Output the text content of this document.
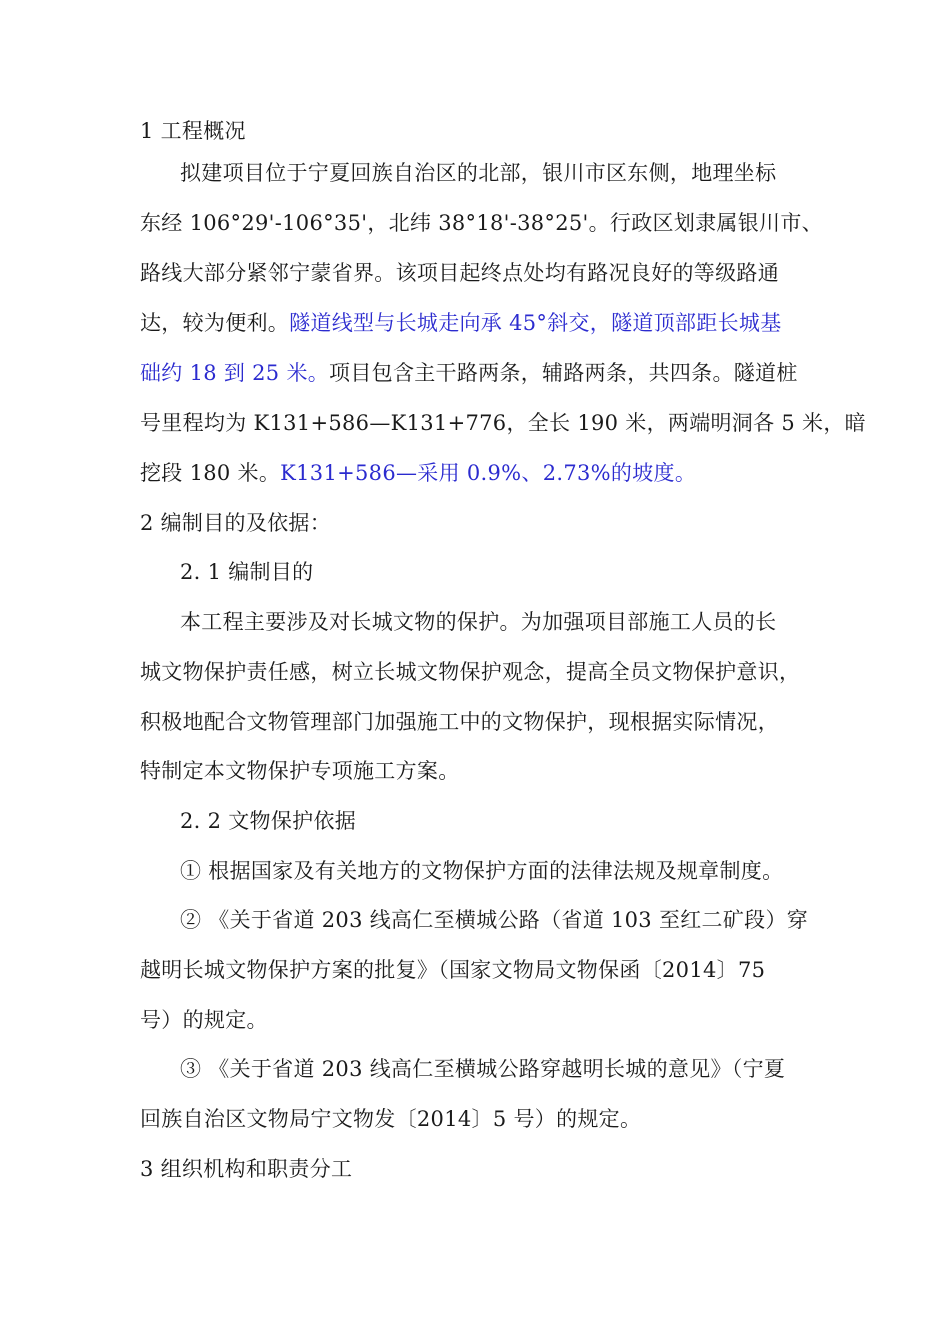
1 工程概况
拟建项目位于宁夏回族自治区的北部，银川市区东侧，地理坐标
东经 106°29'-106°35'，北纬 38°18'-38°25'。行政区划隶属银川市、
路线大部分紧邻宁蒙省界。该项目起终点处均有路况良好的等级路通
达，较为便利。隧道线型与长城走向承 45°斜交，隧道顶部距长城基
础约 18 到 25 米。项目包含主干路两条，辅路两条，共四条。隧道桩
号里程均为 K131+586—K131+776，全长 190 米，两端明洞各 5 米，暗
挖段 180 米。K131+586—采用 0.9%、2.73%的坡度。
2 编制目的及依据：
2. 1 编制目的
本工程主要涉及对长城文物的保护。为加强项目部施工人员的长
城文物保护责任感，树立长城文物保护观念，提高全员文物保护意识，
积极地配合文物管理部门加强施工中的文物保护，现根据实际情况，
特制定本文物保护专项施工方案。
2. 2 文物保护依据
① 根据国家及有关地方的文物保护方面的法律法规及规章制度。
② 《关于省道 203 线高仁至横城公路（省道 103 至红二矿段）穿
越明长城文物保护方案的批复》（国家文物局文物保函〔2014〕75
号）的规定。
③ 《关于省道 203 线高仁至横城公路穿越明长城的意见》（宁夏
回族自治区文物局宁文物发〔2014〕5 号）的规定。
3 组织机构和职责分工
